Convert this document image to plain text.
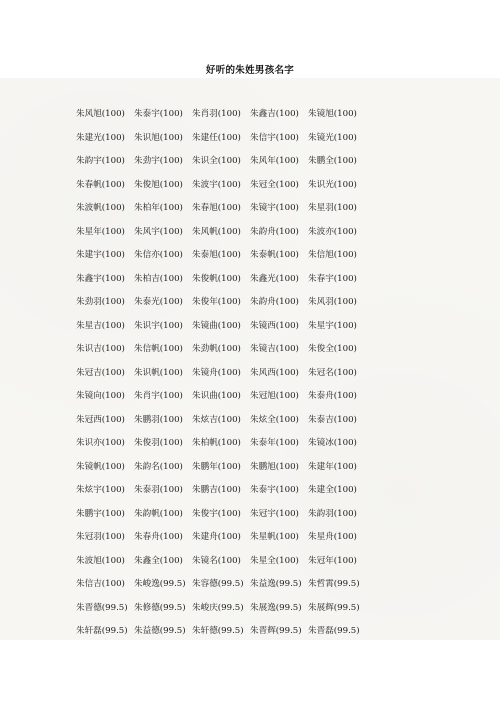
好听的朱姓男孩名字
朱风旭(100)	朱泰宇(100)	朱肖羽(100)	朱鑫吉(100)	朱镜旭(100)
朱建光(100)	朱识旭(100)	朱建任(100)	朱信宇(100)	朱镜光(100)
朱韵宇(100)	朱劲宇(100)	朱识全(100)	朱风年(100)	朱鹏全(100)
朱春帆(100)	朱俊旭(100)	朱波宇(100)	朱冠全(100)	朱识光(100)
朱波帆(100)	朱柏年(100)	朱春旭(100)	朱镜宇(100)	朱星羽(100)
朱星年(100)	朱风宇(100)	朱风帆(100)	朱韵舟(100)	朱波亦(100)
朱建宇(100)	朱信亦(100)	朱泰旭(100)	朱泰帆(100)	朱信旭(100)
朱鑫宇(100)	朱柏吉(100)	朱俊帆(100)	朱鑫光(100)	朱春宇(100)
朱劲羽(100)	朱泰光(100)	朱俊年(100)	朱韵舟(100)	朱风羽(100)
朱星吉(100)	朱识宇(100)	朱镜曲(100)	朱镜西(100)	朱星宇(100)
朱识吉(100)	朱信帆(100)	朱劲帆(100)	朱镜吉(100)	朱俊全(100)
朱冠吉(100)	朱识帆(100)	朱镜舟(100)	朱风西(100)	朱冠名(100)
朱镜向(100)	朱肖宇(100)	朱识曲(100)	朱冠旭(100)	朱泰舟(100)
朱冠西(100)	朱鹏羽(100)	朱炫吉(100)	朱炫全(100)	朱泰吉(100)
朱识亦(100)	朱俊羽(100)	朱柏帆(100)	朱泰年(100)	朱镜冰(100)
朱镜帆(100)	朱韵名(100)	朱鹏年(100)	朱鹏旭(100)	朱建年(100)
朱炫宇(100)	朱泰羽(100)	朱鹏吉(100)	朱泰宇(100)	朱建全(100)
朱鹏宇(100)	朱韵帆(100)	朱俊宇(100)	朱冠宇(100)	朱韵羽(100)
朱冠羽(100)	朱春舟(100)	朱建舟(100)	朱星帆(100)	朱星舟(100)
朱波旭(100)	朱鑫全(100)	朱镜名(100)	朱星全(100)	朱冠年(100)
朱信吉(100)	朱峻逸(99.5) 朱容德(99.5) 朱益逸(99.5) 朱哲霄(99.5)
朱晋德(99.5) 朱修德(99.5) 朱峻庆(99.5) 朱展逸(99.5) 朱展辉(99.5)
朱轩磊(99.5) 朱益德(99.5) 朱轩德(99.5) 朱晋辉(99.5) 朱晋磊(99.5)
